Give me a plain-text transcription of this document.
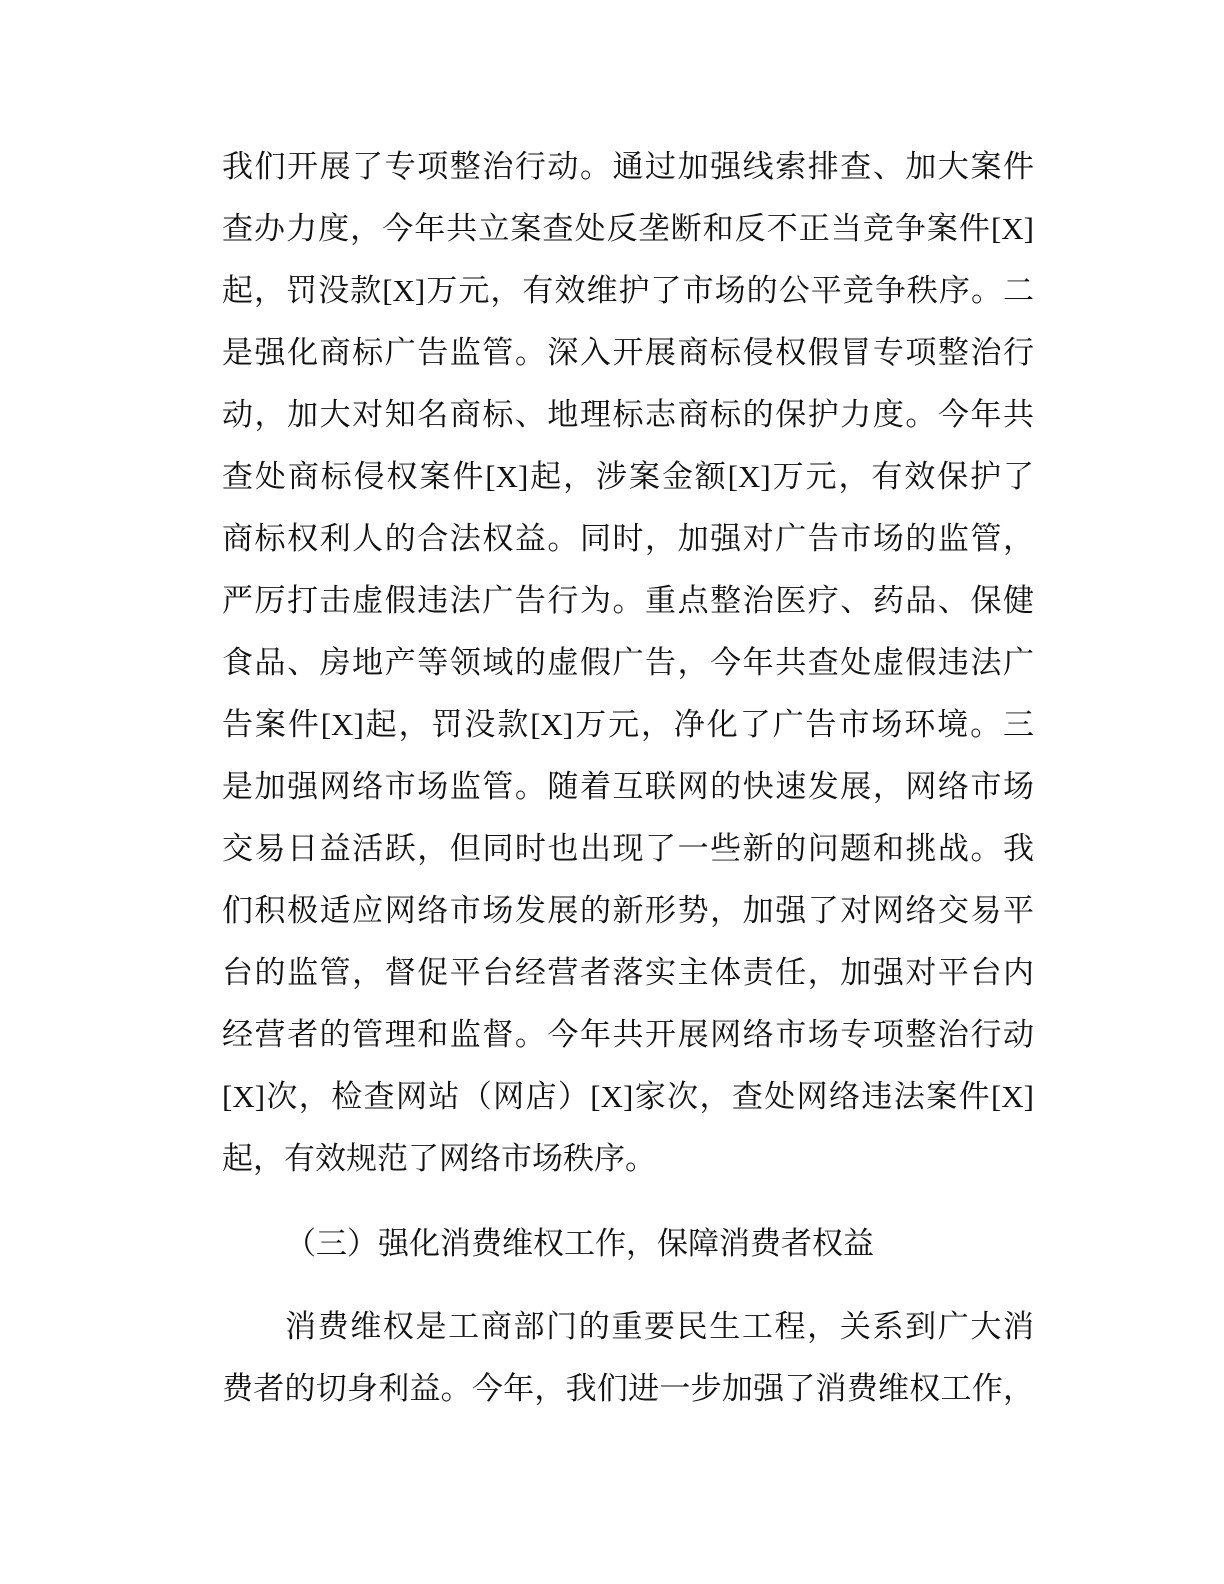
我们开展了专项整治行动。通过加强线索排查、加大案件
查办力度，今年共立案查处反垄断和反不正当竞争案件[X]
起，罚没款[X]万元，有效维护了市场的公平竞争秩序。二
是强化商标广告监管。深入开展商标侵权假冒专项整治行
动，加大对知名商标、地理标志商标的保护力度。今年共
查处商标侵权案件[X]起，涉案金额[X]万元，有效保护了
商标权利人的合法权益。同时，加强对广告市场的监管，
严厉打击虚假违法广告行为。重点整治医疗、药品、保健
食品、房地产等领域的虚假广告，今年共查处虚假违法广
告案件[X]起，罚没款[X]万元，净化了广告市场环境。三
是加强网络市场监管。随着互联网的快速发展，网络市场
交易日益活跃，但同时也出现了一些新的问题和挑战。我
们积极适应网络市场发展的新形势，加强了对网络交易平
台的监管，督促平台经营者落实主体责任，加强对平台内
经营者的管理和监督。今年共开展网络市场专项整治行动
[X]次，检查网站（网店）[X]家次，查处网络违法案件[X]
起，有效规范了网络市场秩序。
（三）强化消费维权工作，保障消费者权益
消费维权是工商部门的重要民生工程，关系到广大消
费者的切身利益。今年，我们进一步加强了消费维权工作，
